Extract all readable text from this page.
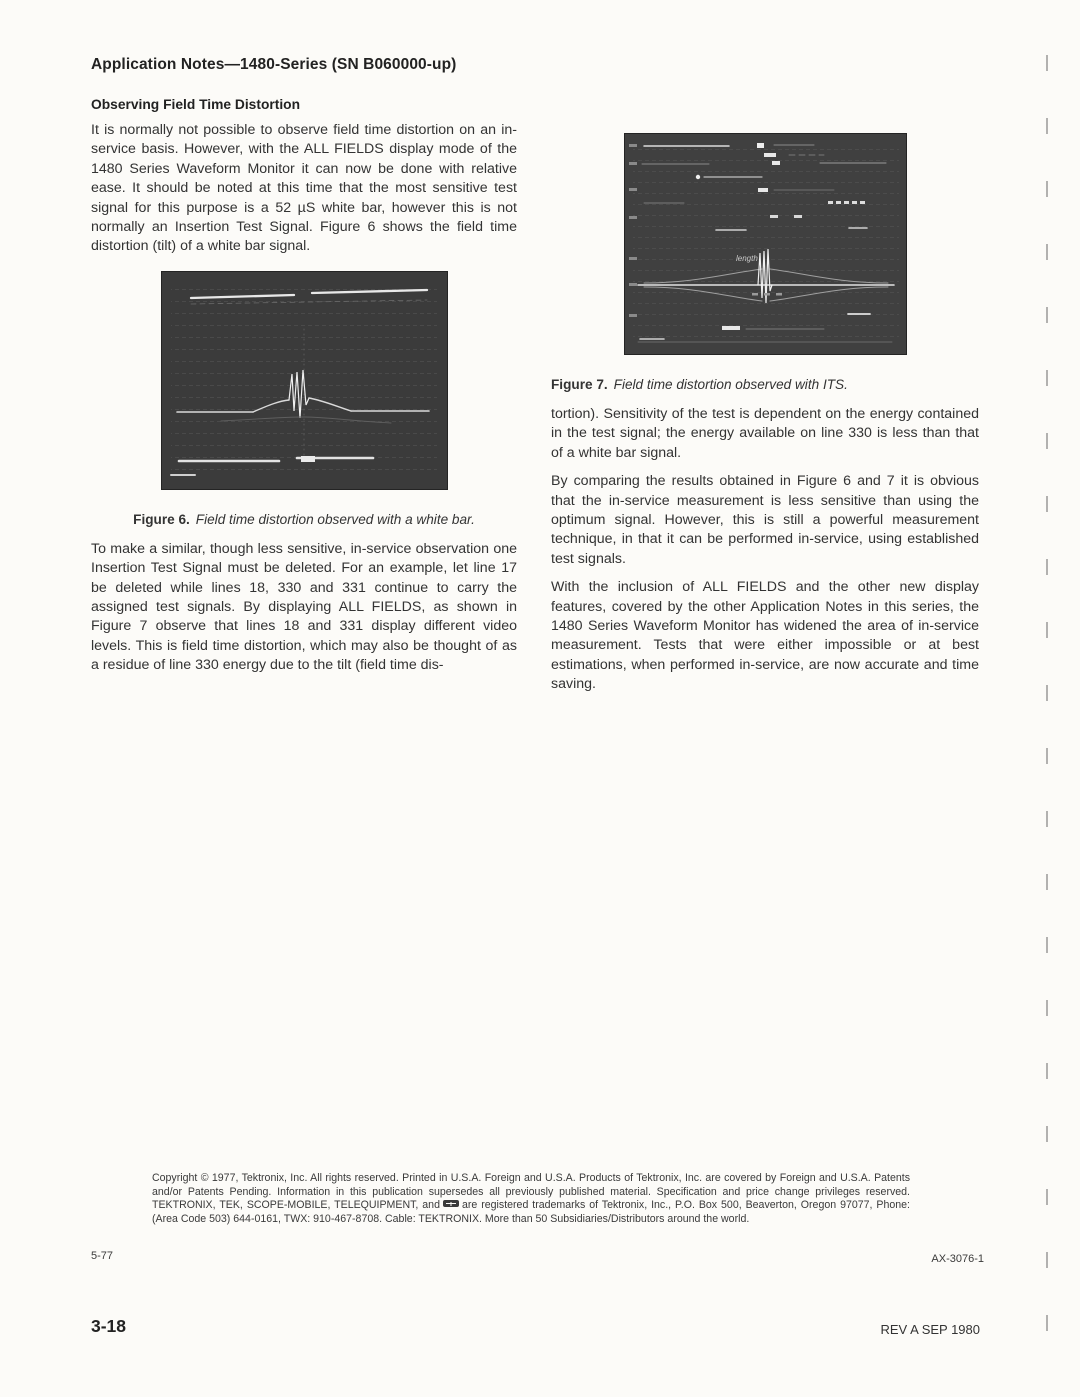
Application Notes—1480-Series (SN B060000-up)
Observing Field Time Distortion

It is normally not possible to observe field time distortion on an in-service basis. However, with the ALL FIELDS display mode of the 1480 Series Waveform Monitor it can now be done with relative ease. It should be noted at this time that the most sensitive test signal for this purpose is a 52 µS white bar, however this is not normally an Insertion Test Signal. Figure 6 shows the field time distortion (tilt) of a white bar signal.

Figure 6. Field time distortion observed with a white bar.

To make a similar, though less sensitive, in-service observation one Insertion Test Signal must be deleted. For an example, let line 17 be deleted while lines 18, 330 and 331 continue to carry the assigned test signals. By displaying ALL FIELDS, as shown in Figure 7 observe that lines 18 and 331 display different video levels. This is field time distortion, which may also be thought of as a residue of line 330 energy due to the tilt (field time dis-

length

Figure 7. Field time distortion observed with ITS.

tortion). Sensitivity of the test is dependent on the energy contained in the test signal; the energy available on line 330 is less than that of a white bar signal.

By comparing the results obtained in Figure 6 and 7 it is obvious that the in-service measurement is less sensitive than using the optimum signal. However, this is still a powerful measurement technique, in that it can be performed in-service, using established test signals.

With the inclusion of ALL FIELDS and the other new display features, covered by the other Application Notes in this series, the 1480 Series Waveform Monitor has widened the area of in-service measurement. Tests that were either impossible or at best estimations, when performed in-service, are now accurate and time saving.

Copyright © 1977, Tektronix, Inc. All rights reserved. Printed in U.S.A. Foreign and U.S.A. Products of Tektronix, Inc. are covered by Foreign and U.S.A. Patents and/or Patents Pending. Information in this publication supersedes all previously published material. Specification and price change privileges reserved. TEKTRONIX, TEK, SCOPE-MOBILE, TELEQUIPMENT, and are registered trademarks of Tektronix, Inc., P.O. Box 500, Beaverton, Oregon 97077, Phone: (Area Code 503) 644-0161, TWX: 910-467-8708. Cable: TEKTRONIX. More than 50 Subsidiaries/Distributors around the world.

5-77	AX-3076-1
3-18	REV A SEP 1980
